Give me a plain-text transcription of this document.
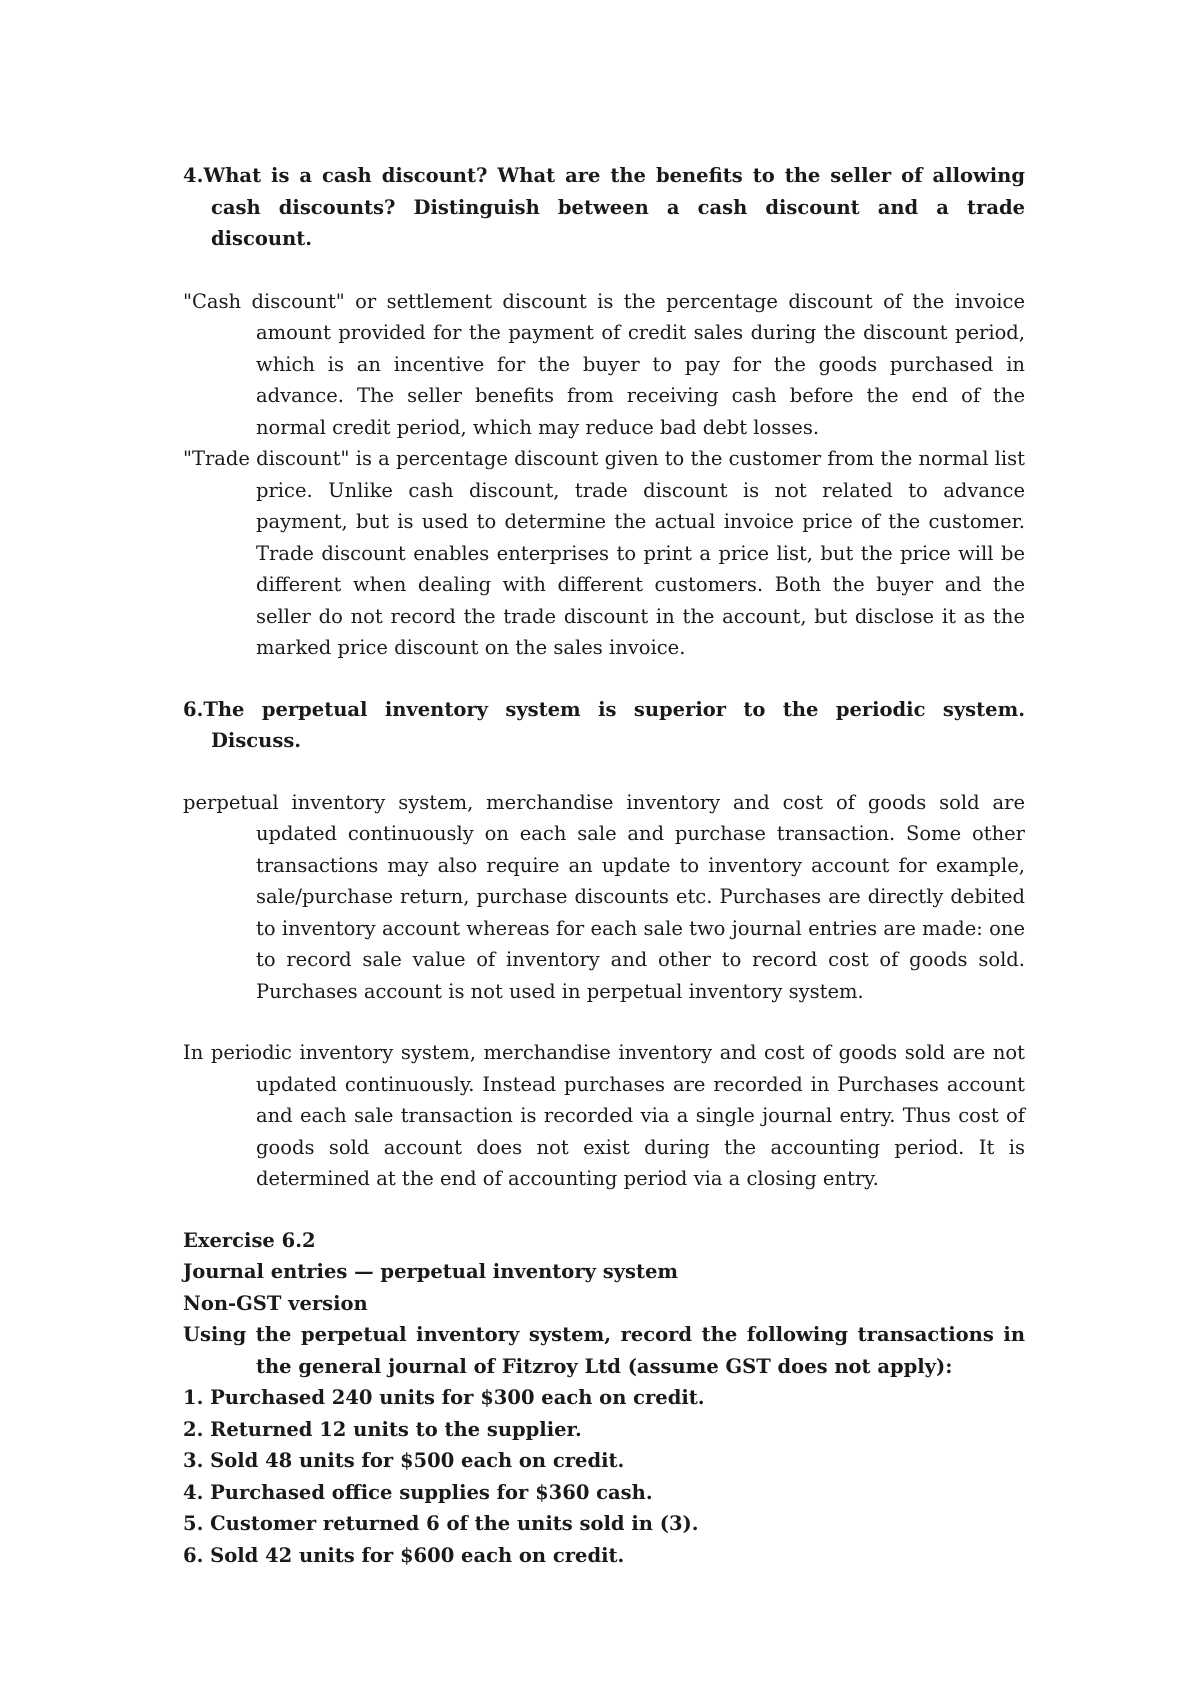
4.What is a cash discount? What are the benefits to the seller of allowing cash discounts? Distinguish between a cash discount and a trade discount.

"Cash discount" or settlement discount is the percentage discount of the invoice amount provided for the payment of credit sales during the discount period, which is an incentive for the buyer to pay for the goods purchased in advance. The seller benefits from receiving cash before the end of the normal credit period, which may reduce bad debt losses.

"Trade discount" is a percentage discount given to the customer from the normal list price. Unlike cash discount, trade discount is not related to advance payment, but is used to determine the actual invoice price of the customer. Trade discount enables enterprises to print a price list, but the price will be different when dealing with different customers. Both the buyer and the seller do not record the trade discount in the account, but disclose it as the marked price discount on the sales invoice.

6.The perpetual inventory system is superior to the periodic system. Discuss.

perpetual inventory system, merchandise inventory and cost of goods sold are updated continuously on each sale and purchase transaction. Some other transactions may also require an update to inventory account for example, sale/purchase return, purchase discounts etc. Purchases are directly debited to inventory account whereas for each sale two journal entries are made: one to record sale value of inventory and other to record cost of goods sold. Purchases account is not used in perpetual inventory system.

In periodic inventory system, merchandise inventory and cost of goods sold are not updated continuously. Instead purchases are recorded in Purchases account and each sale transaction is recorded via a single journal entry. Thus cost of goods sold account does not exist during the accounting period. It is determined at the end of accounting period via a closing entry.

Exercise 6.2

Journal entries — perpetual inventory system

Non-GST version

Using the perpetual inventory system, record the following transactions in the general journal of Fitzroy Ltd (assume GST does not apply):

1. Purchased 240 units for $300 each on credit.
2. Returned 12 units to the supplier.
3. Sold 48 units for $500 each on credit.
4. Purchased office supplies for $360 cash.
5. Customer returned 6 of the units sold in (3).
6. Sold 42 units for $600 each on credit.
